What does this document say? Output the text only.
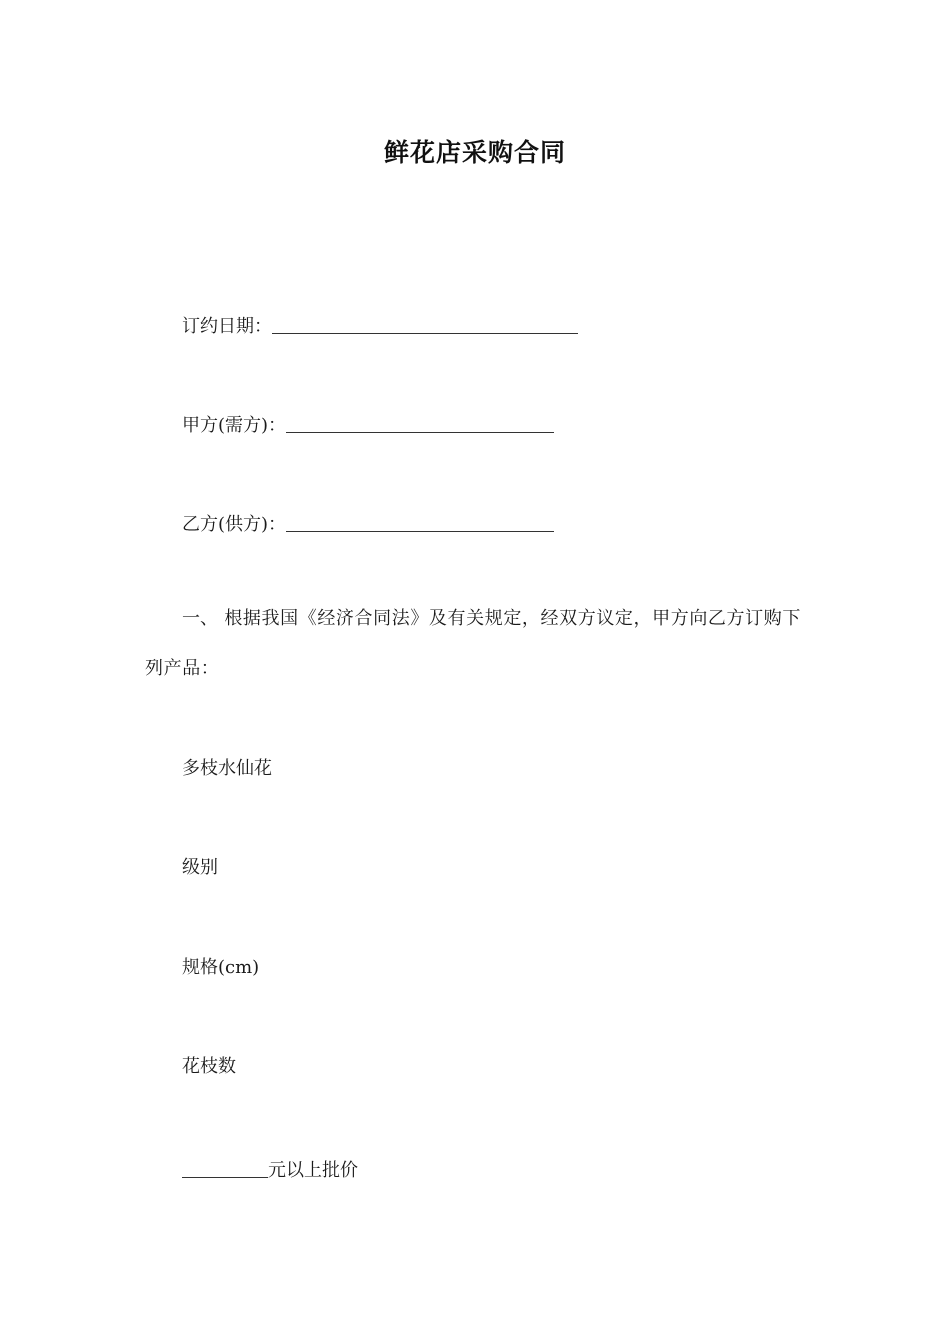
鲜花店采购合同
订约日期：
甲方(需方)：
乙方(供方)：
一、 根据我国《经济合同法》及有关规定，经双方议定，甲方向乙方订购下列产品：
多枝水仙花
级别
规格(cm)
花枝数
元以上批价
